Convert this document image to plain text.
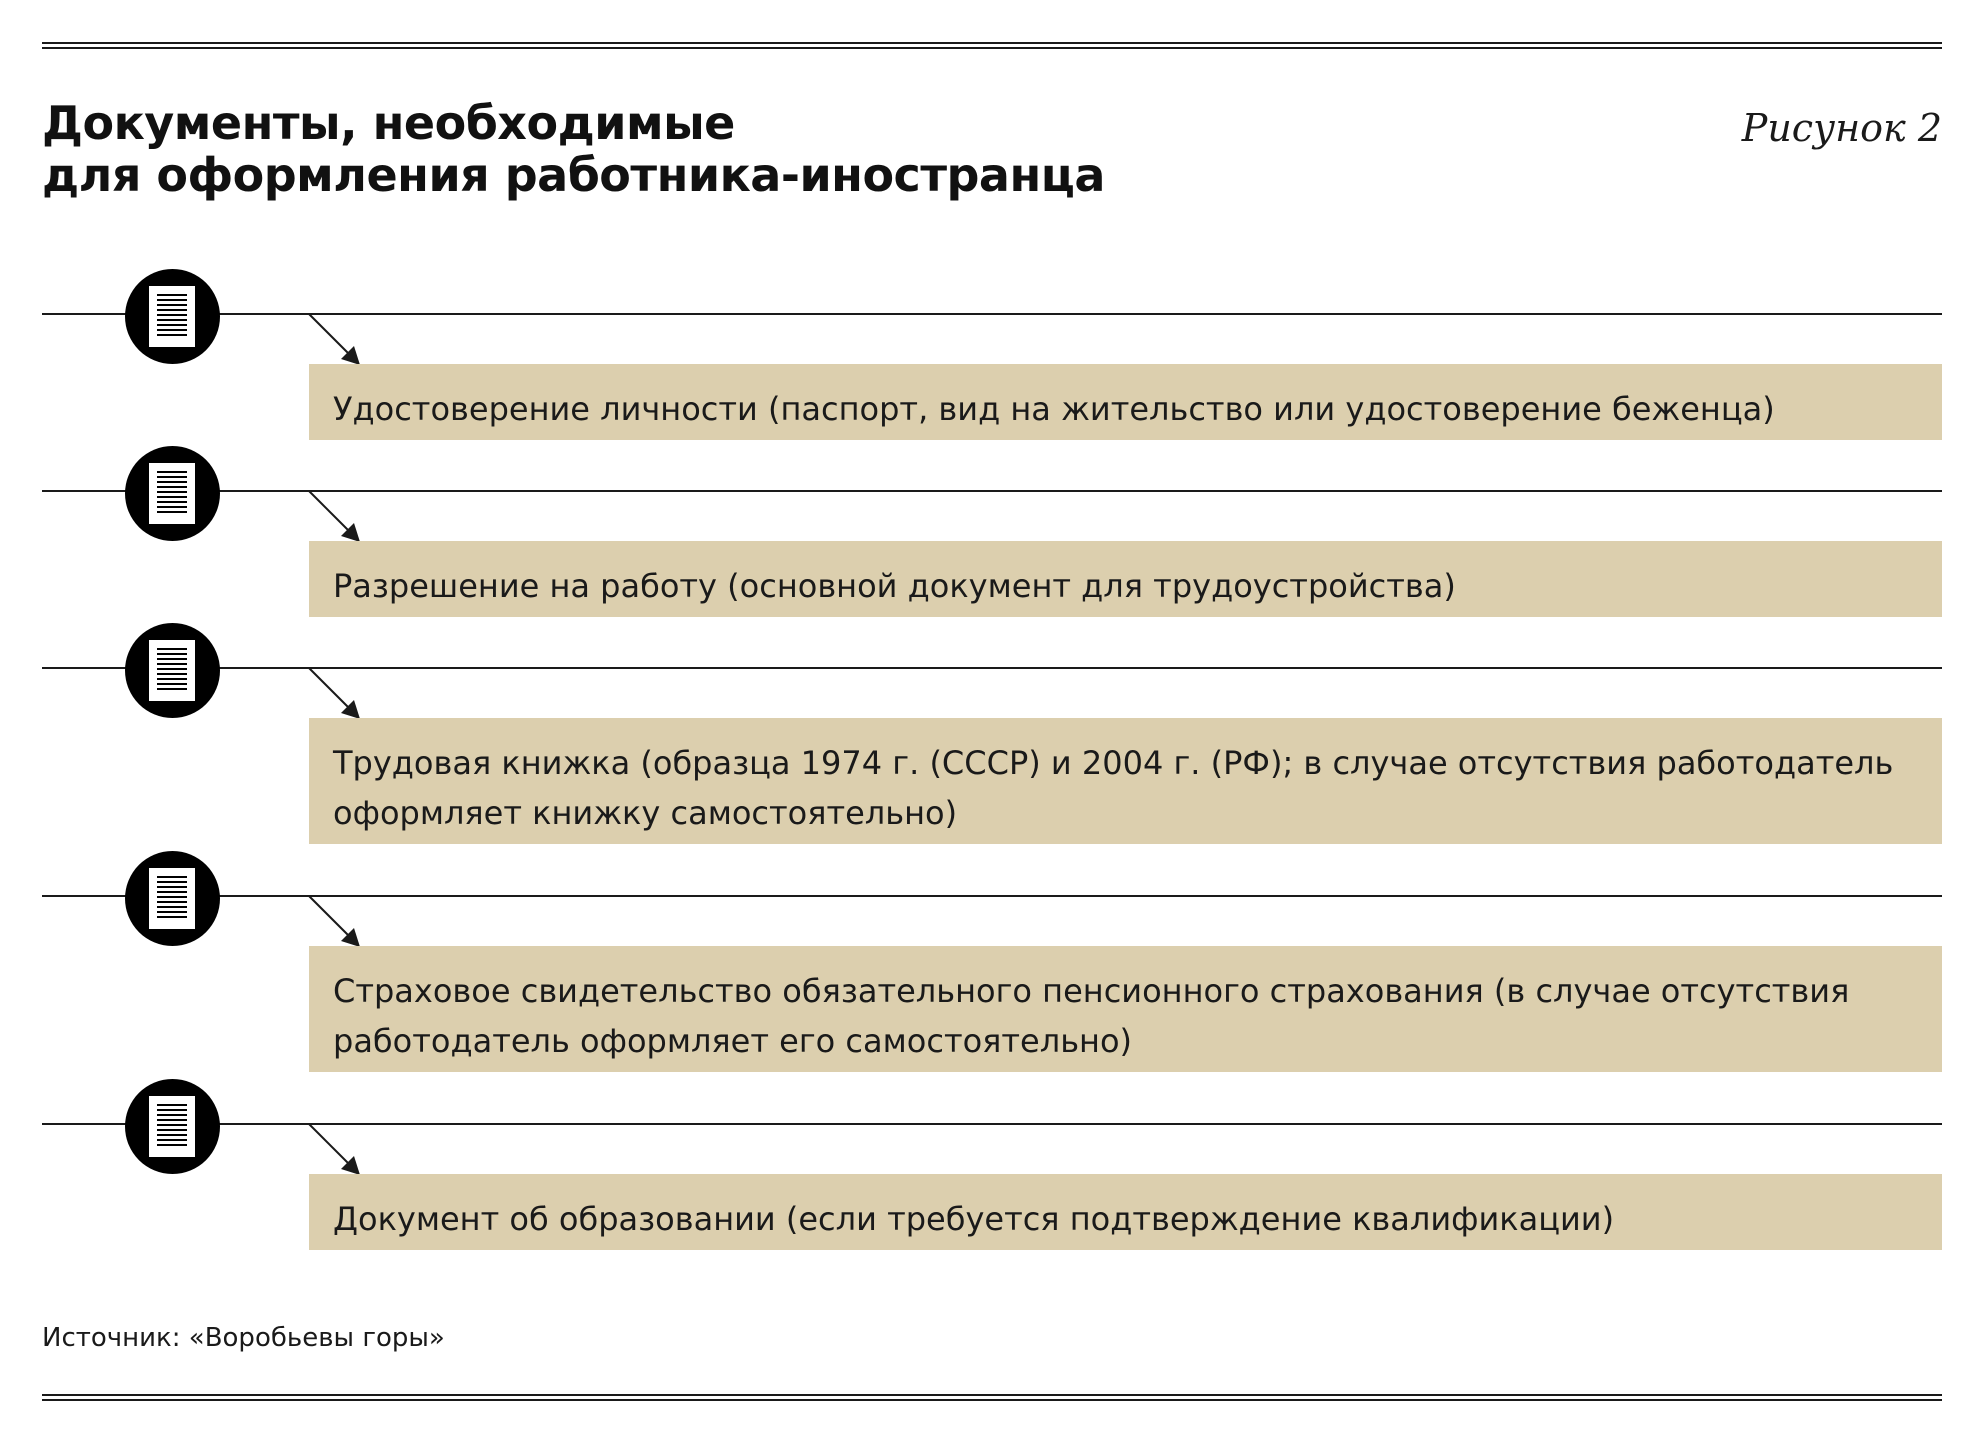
Документы, необходимые
для оформления работника-иностранца
Рисунок 2

Удостоверение личности (паспорт, вид на жительство или удостоверение беженца)

Разрешение на работу (основной документ для трудоустройства)

Трудовая книжка (образца 1974 г. (СССР) и 2004 г. (РФ); в случае отсутствия работодатель оформляет книжку самостоятельно)

Страховое свидетельство обязательного пенсионного страхования (в случае отсутствия работодатель оформляет его самостоятельно)

Документ об образовании (если требуется подтверждение квалификации)

Источник: «Воробьевы горы»
